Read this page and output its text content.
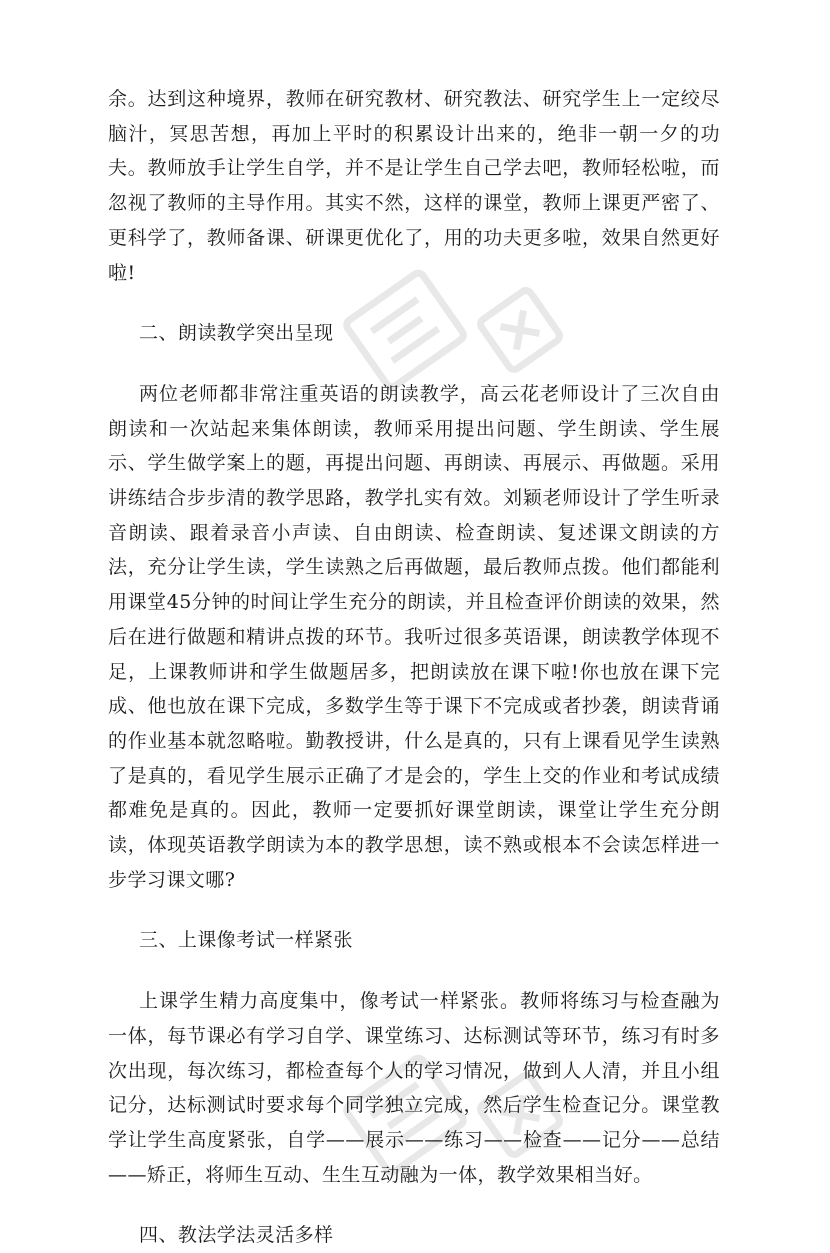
余。达到这种境界，教师在研究教材、研究教法、研究学生上一定绞尽脑汁，冥思苦想，再加上平时的积累设计出来的，绝非一朝一夕的功夫。教师放手让学生自学，并不是让学生自己学去吧，教师轻松啦，而忽视了教师的主导作用。其实不然，这样的课堂，教师上课更严密了、更科学了，教师备课、研课更优化了，用的功夫更多啦，效果自然更好啦!

二、朗读教学突出呈现

两位老师都非常注重英语的朗读教学，高云花老师设计了三次自由朗读和一次站起来集体朗读，教师采用提出问题、学生朗读、学生展示、学生做学案上的题，再提出问题、再朗读、再展示、再做题。采用讲练结合步步清的教学思路，教学扎实有效。刘颖老师设计了学生听录音朗读、跟着录音小声读、自由朗读、检查朗读、复述课文朗读的方法，充分让学生读，学生读熟之后再做题，最后教师点拨。他们都能利用课堂45分钟的时间让学生充分的朗读，并且检查评价朗读的效果，然后在进行做题和精讲点拨的环节。我听过很多英语课，朗读教学体现不足，上课教师讲和学生做题居多，把朗读放在课下啦!你也放在课下完成、他也放在课下完成，多数学生等于课下不完成或者抄袭，朗读背诵的作业基本就忽略啦。勤教授讲，什么是真的，只有上课看见学生读熟了是真的，看见学生展示正确了才是会的，学生上交的作业和考试成绩都难免是真的。因此，教师一定要抓好课堂朗读，课堂让学生充分朗读，体现英语教学朗读为本的教学思想，读不熟或根本不会读怎样进一步学习课文哪?

三、上课像考试一样紧张

上课学生精力高度集中，像考试一样紧张。教师将练习与检查融为一体，每节课必有学习自学、课堂练习、达标测试等环节，练习有时多次出现，每次练习，都检查每个人的学习情况，做到人人清，并且小组记分，达标测试时要求每个同学独立完成，然后学生检查记分。课堂教学让学生高度紧张，自学——展示——练习——检查——记分——总结——矫正，将师生互动、生生互动融为一体，教学效果相当好。

四、教法学法灵活多样
